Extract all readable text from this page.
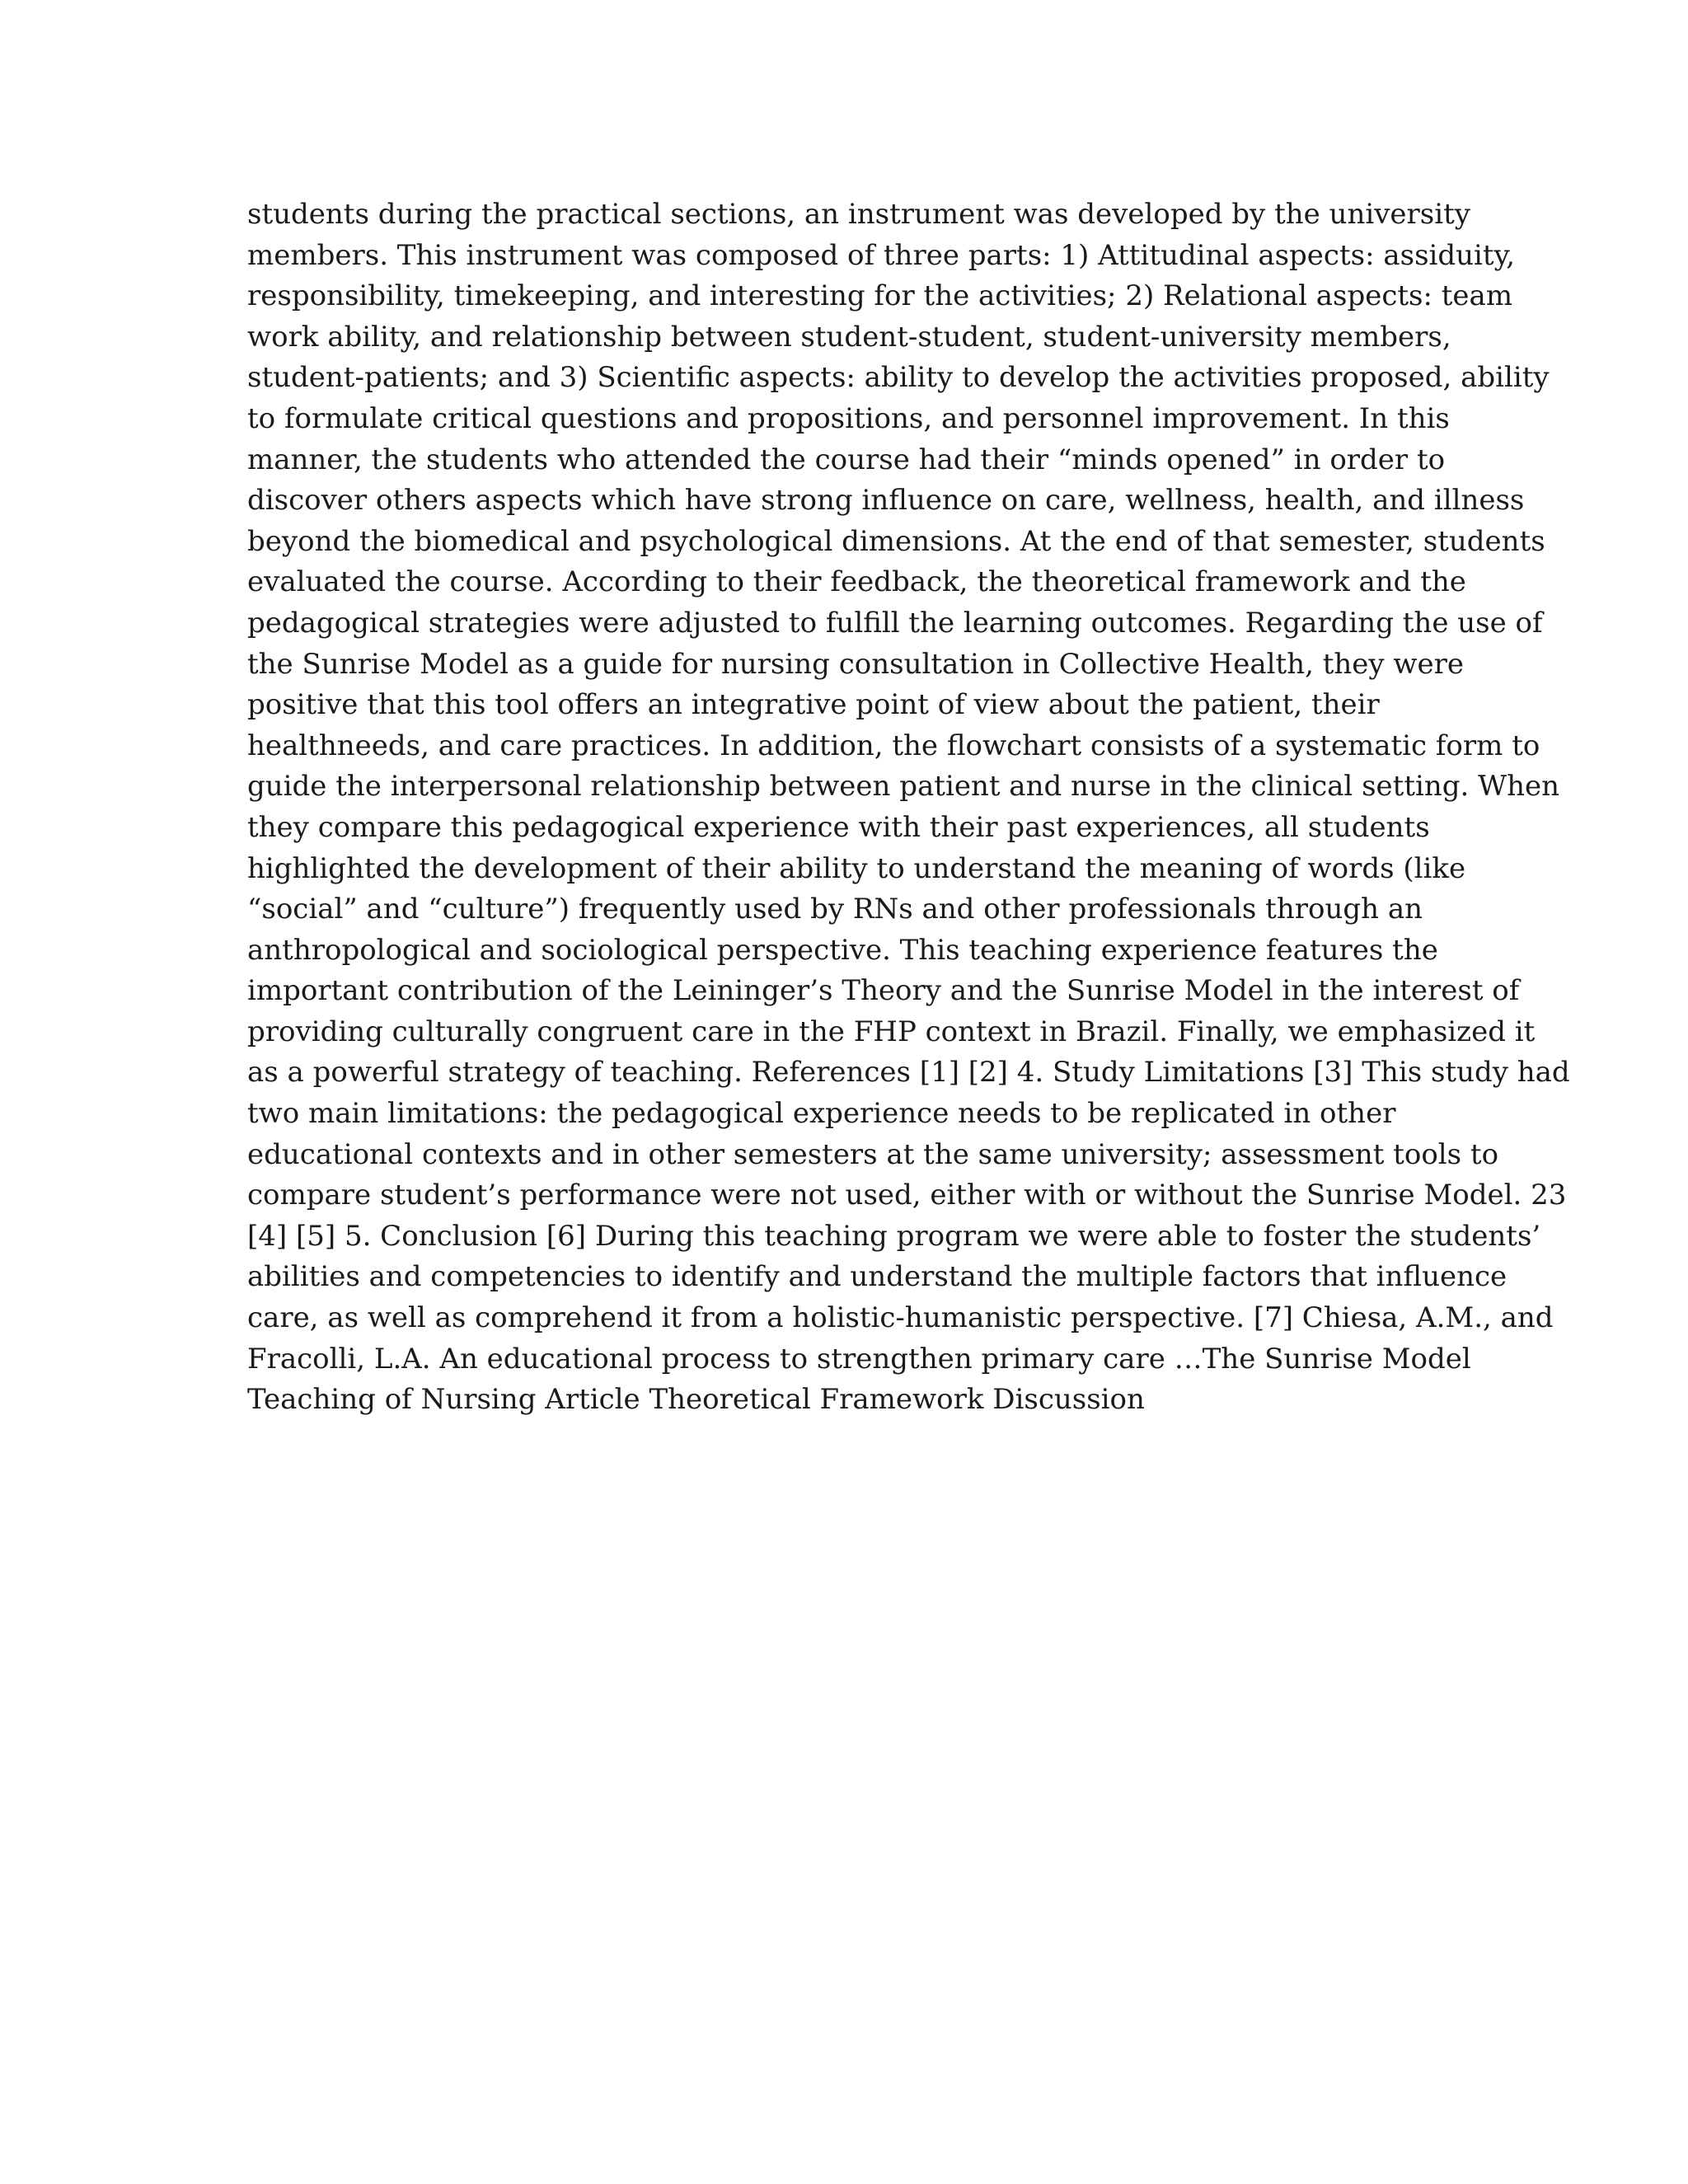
students during the practical sections, an instrument was developed by the university
members. This instrument was composed of three parts: 1) Attitudinal aspects: assiduity,
responsibility, timekeeping, and interesting for the activities; 2) Relational aspects: team
work ability, and relationship between student-student, student-university members,
student-patients; and 3) Scientific aspects: ability to develop the activities proposed, ability
to formulate critical questions and propositions, and personnel improvement. In this
manner, the students who attended the course had their “minds opened” in order to
discover others aspects which have strong influence on care, wellness, health, and illness
beyond the biomedical and psychological dimensions. At the end of that semester, students
evaluated the course. According to their feedback, the theoretical framework and the
pedagogical strategies were adjusted to fulfill the learning outcomes. Regarding the use of
the Sunrise Model as a guide for nursing consultation in Collective Health, they were
positive that this tool offers an integrative point of view about the patient, their
healthneeds, and care practices. In addition, the flowchart consists of a systematic form to
guide the interpersonal relationship between patient and nurse in the clinical setting. When
they compare this pedagogical experience with their past experiences, all students
highlighted the development of their ability to understand the meaning of words (like
“social” and “culture”) frequently used by RNs and other professionals through an
anthropological and sociological perspective. This teaching experience features the
important contribution of the Leininger’s Theory and the Sunrise Model in the interest of
providing culturally congruent care in the FHP context in Brazil. Finally, we emphasized it
as a powerful strategy of teaching. References [1] [2] 4. Study Limitations [3] This study had
two main limitations: the pedagogical experience needs to be replicated in other
educational contexts and in other semesters at the same university; assessment tools to
compare student’s performance were not used, either with or without the Sunrise Model. 23
[4] [5] 5. Conclusion [6] During this teaching program we were able to foster the students’
abilities and competencies to identify and understand the multiple factors that influence
care, as well as comprehend it from a holistic-humanistic perspective. [7] Chiesa, A.M., and
Fracolli, L.A. An educational process to strengthen primary care …The Sunrise Model
Teaching of Nursing Article Theoretical Framework Discussion
